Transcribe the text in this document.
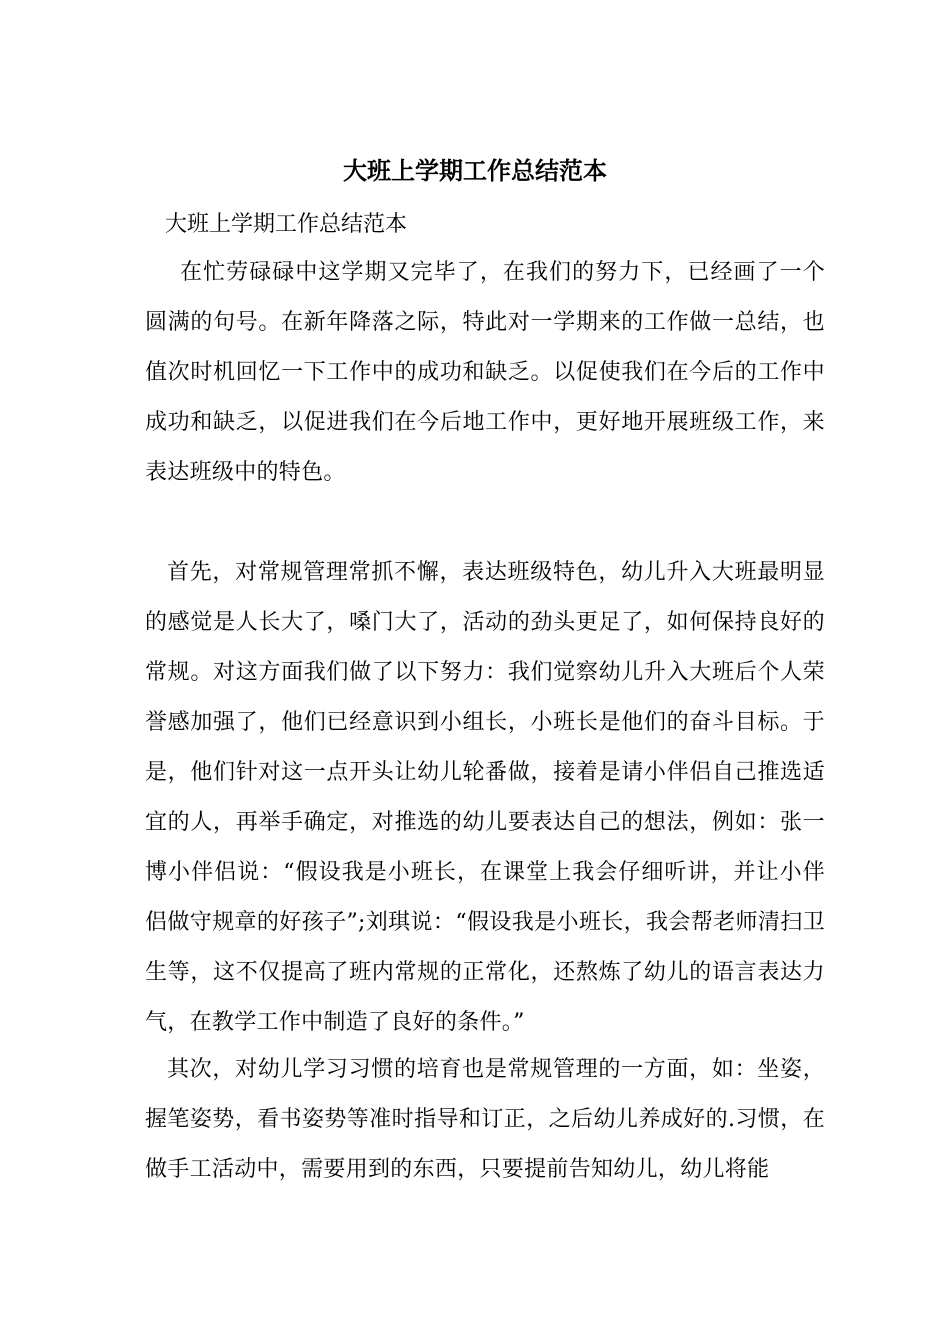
大班上学期工作总结范本
大班上学期工作总结范本
在忙劳碌碌中这学期又完毕了，在我们的努力下，已经画了一个圆满的句号。在新年降落之际，特此对一学期来的工作做一总结，也值次时机回忆一下工作中的成功和缺乏。以促使我们在今后的工作中成功和缺乏，以促进我们在今后地工作中，更好地开展班级工作，来表达班级中的特色。
首先，对常规管理常抓不懈，表达班级特色，幼儿升入大班最明显的感觉是人长大了，嗓门大了，活动的劲头更足了，如何保持良好的常规。对这方面我们做了以下努力：我们觉察幼儿升入大班后个人荣誉感加强了，他们已经意识到小组长，小班长是他们的奋斗目标。于是，他们针对这一点开头让幼儿轮番做，接着是请小伴侣自己推选适宜的人，再举手确定，对推选的幼儿要表达自己的想法，例如：张一博小伴侣说：“假设我是小班长，在课堂上我会仔细听讲，并让小伴侣做守规章的好孩子”;刘琪说：“假设我是小班长，我会帮老师清扫卫生等，这不仅提高了班内常规的正常化，还熬炼了幼儿的语言表达力气，在教学工作中制造了良好的条件。”
其次，对幼儿学习习惯的培育也是常规管理的一方面，如：坐姿，握笔姿势，看书姿势等准时指导和订正，之后幼儿养成好的.习惯，在做手工活动中，需要用到的东西，只要提前告知幼儿，幼儿将能
